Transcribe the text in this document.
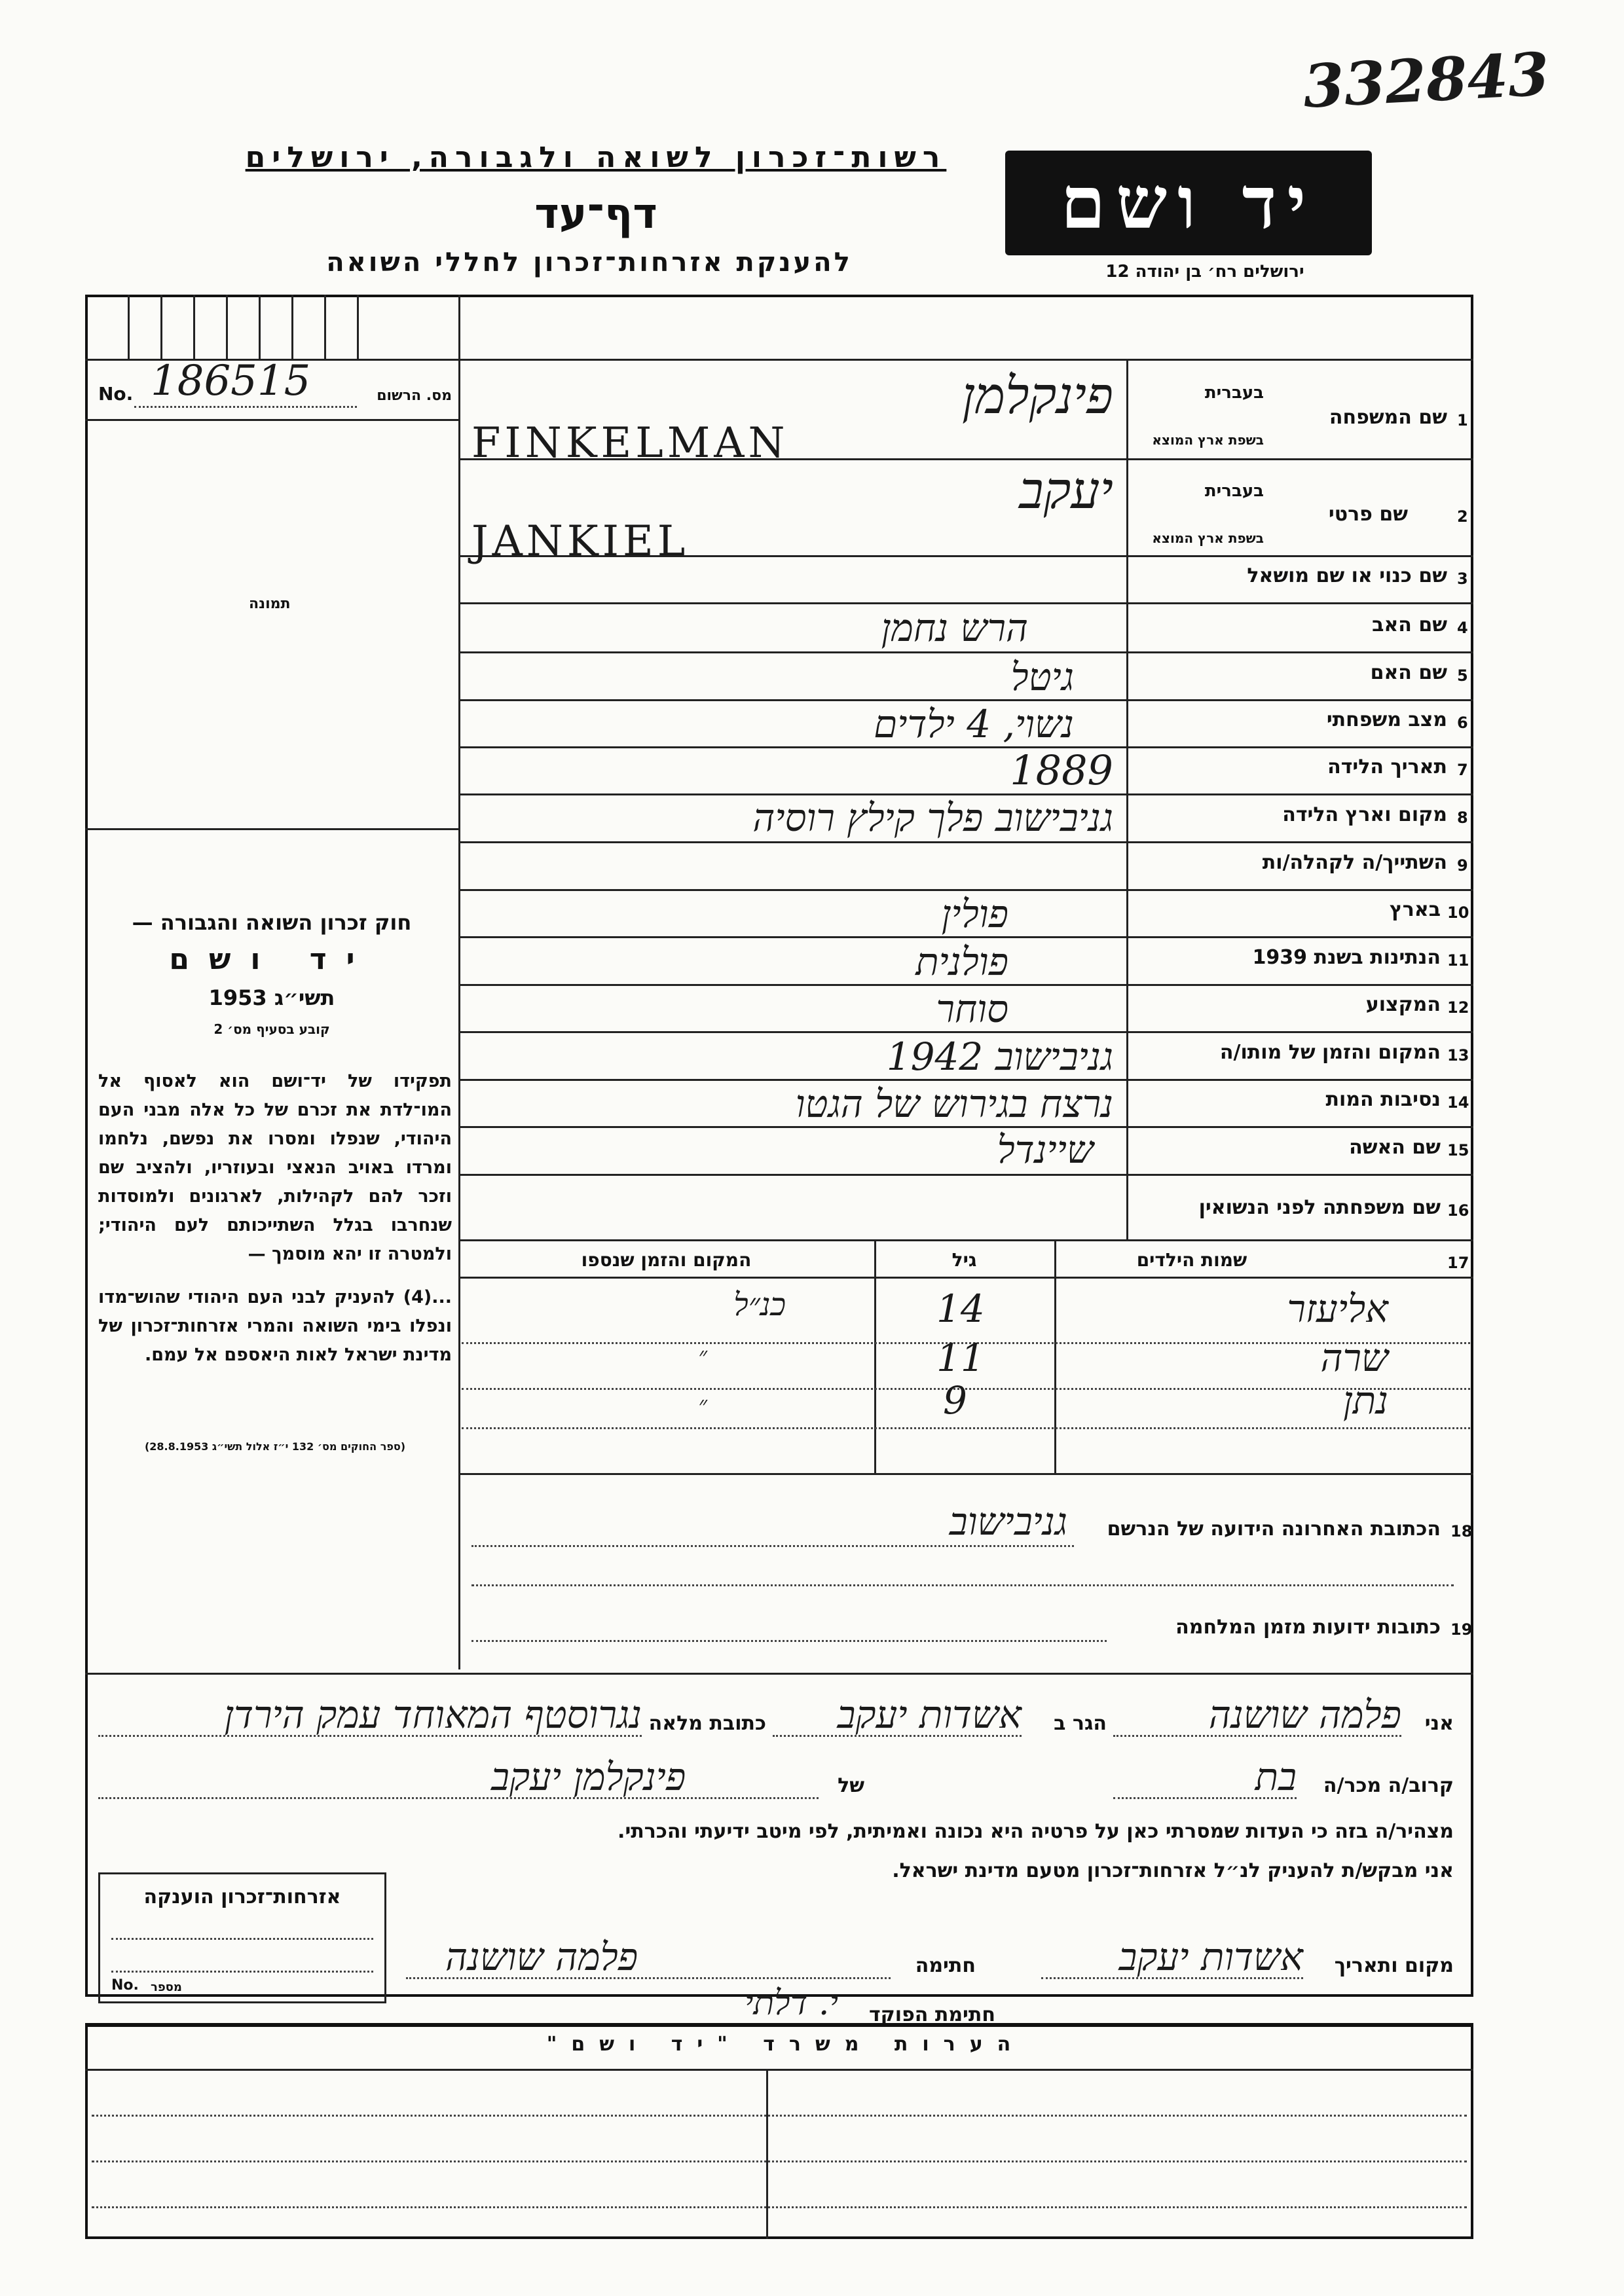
332843
רשות־זכרון לשואה ולגבורה, ירושלים
דף־עד
להענקת אזרחות־זכרון לחללי השואה
יד ושם
ירושלים רח׳ בן יהודה 12
No. 186515	מס. הרשום
תמונה
חוק זכרון השואה והגבורה —
יד ושם
תשי״ג 1953
קובע בסעיף מס׳ 2
תפקידו של יד־ושם הוא לאסוף אל המו־לדת את זכרם של כל אלה מבני העם היהודי, שנפלו ומסרו את נפשם, נלחמו ומרדו באויב הנאצי ובעוזריו, ולהציב שם וזכר להם לקהילות, לארגונים ולמוסדות שנחרבו בגלל השתייכותם לעם היהודי; ולמטרה זו יהא מוסמך —
...(4) להעניק לבני העם היהודי שהוש־מדו ונפלו בימי השואה והמרי אזרחות־זכרון של מדינת ישראל לאות היאספם אל עמם.
(ספר החוקים מס׳ 132 י״ז אלול תשי״ג 28.8.1953)
1
שם המשפחה
בעברית
בשפת ארץ המוצא
פינקלמן
FINKELMAN
2
שם פרטי
בעברית
בשפת ארץ המוצא
יעקב
JANKIEL
3
שם כנוי או שם מושאל
4
שם האב
הרש נחמן
5
שם האם
גיטל
6
מצב משפחתי
נשוי, 4 ילדים
7
תאריך הלידה
1889
8
מקום וארץ הלידה
גניבישוב פלך קילץ רוסיה
9
השתייך/ה לקהלה/ות
10
בארץ
פולין
11
הנתינות בשנת 1939
פולנית
12
המקצוע
סוחר
13
המקום והזמן של מותו/ה
גניבישוב 1942
14
נסיבות המות
נרצח בגירוש של הגטו
15
שם האשה
שיינדל
16
שם משפחתה לפני הנשואין
17
שמות הילדים
גיל
המקום והזמן שנספו
אליעזר
14
כנ״ל
שרה
11
״
נתן
9
״
18
הכתובת האחרונה הידועה של הנרשם
גניבישוב
19
כתובות ידועות מזמן המלחמה
אני
פלמה שושנה
הגר ב
אשדות יעקב
כתובת מלאה
נגרוסטף המאוחד עמק הירדן
קרוב/ה מכר/ה
בת
של
פינקלמן יעקב
מצהיר/ה בזה כי העדות שמסרתי כאן על פרטיה היא נכונה ואמיתית, לפי מיטב ידיעתי והכרתי.
אני מבקש/ת להעניק לנ״ל אזרחות־זכרון מטעם מדינת ישראל.
מקום ותאריך
אשדות יעקב
חתימה
פלמה שושנה
חתימת הפוקד
י. דלתי
אזרחות־זכרון הוענקה
No. מספר
הערות משרד "יד ושם"
